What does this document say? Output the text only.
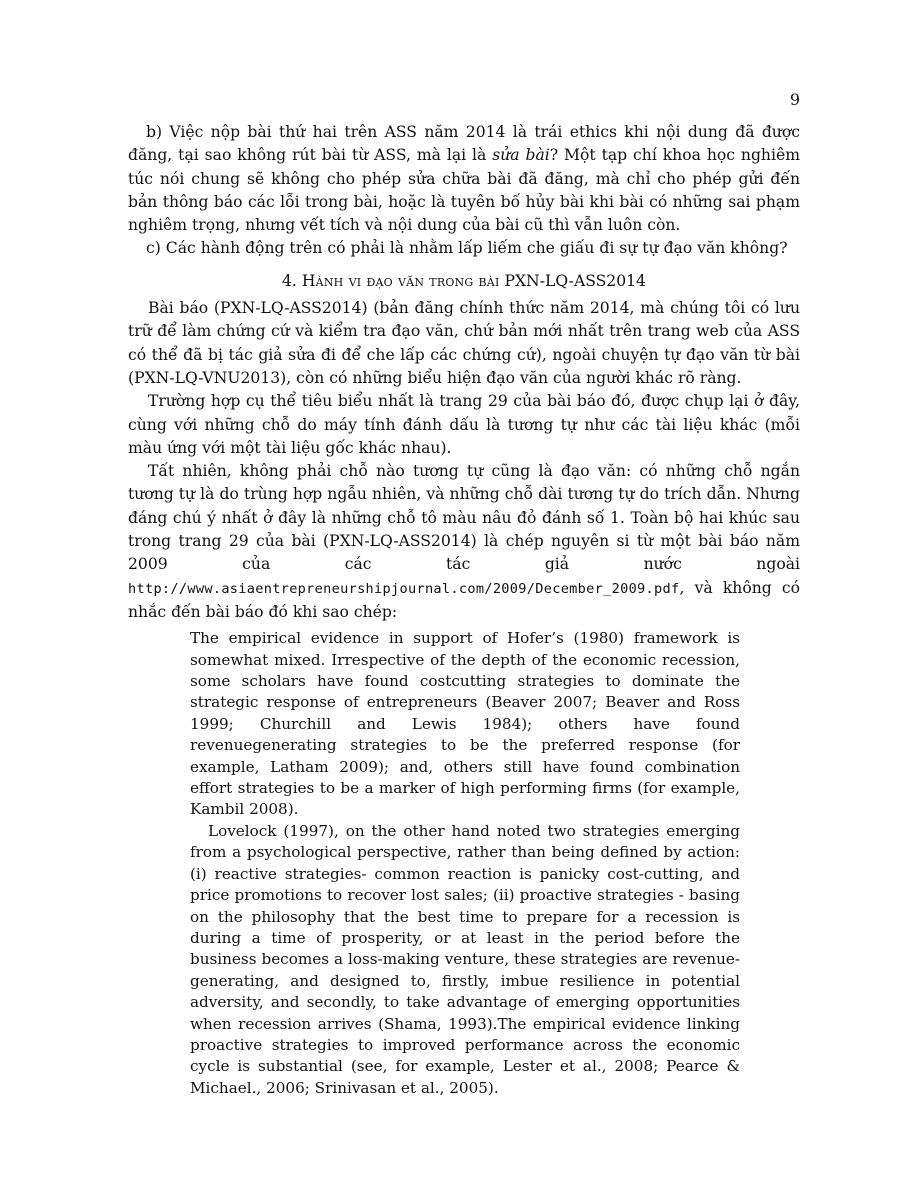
9

b) Việc nộp bài thứ hai trên ASS năm 2014 là trái ethics khi nội dung đã được đăng, tại sao không rút bài từ ASS, mà lại là sửa bài? Một tạp chí khoa học nghiêm túc nói chung sẽ không cho phép sửa chữa bài đã đăng, mà chỉ cho phép gửi đến bản thông báo các lỗi trong bài, hoặc là tuyên bố hủy bài khi bài có những sai phạm nghiêm trọng, nhưng vết tích và nội dung của bài cũ thì vẫn luôn còn.

c) Các hành động trên có phải là nhằm lấp liếm che giấu đi sự tự đạo văn không?

4. Hành vi đạo văn trong bài PXN-LQ-ASS2014

Bài báo (PXN-LQ-ASS2014) (bản đăng chính thức năm 2014, mà chúng tôi có lưu trữ để làm chứng cứ và kiểm tra đạo văn, chứ bản mới nhất trên trang web của ASS có thể đã bị tác giả sửa đi để che lấp các chứng cứ), ngoài chuyện tự đạo văn từ bài (PXN-LQ-VNU2013), còn có những biểu hiện đạo văn của người khác rõ ràng.

Trường hợp cụ thể tiêu biểu nhất là trang 29 của bài báo đó, được chụp lại ở đây, cùng với những chỗ do máy tính đánh dấu là tương tự như các tài liệu khác (mỗi màu ứng với một tài liệu gốc khác nhau).

Tất nhiên, không phải chỗ nào tương tự cũng là đạo văn: có những chỗ ngắn tương tự là do trùng hợp ngẫu nhiên, và những chỗ dài tương tự do trích dẫn. Nhưng đáng chú ý nhất ở đây là những chỗ tô màu nâu đỏ đánh số 1. Toàn bộ hai khúc sau trong trang 29 của bài (PXN-LQ-ASS2014) là chép nguyên si từ một bài báo năm 2009 của các tác giả nước ngoài http://www.asiaentrepreneurshipjournal.com/2009/December_2009.pdf, và không có nhắc đến bài báo đó khi sao chép:

The empirical evidence in support of Hofer’s (1980) framework is somewhat mixed. Irrespective of the depth of the economic recession, some scholars have found costcutting strategies to dominate the strategic response of entrepreneurs (Beaver 2007; Beaver and Ross 1999; Churchill and Lewis 1984); others have found revenuegenerating strategies to be the preferred response (for example, Latham 2009); and, others still have found combination effort strategies to be a marker of high performing firms (for example, Kambil 2008).

Lovelock (1997), on the other hand noted two strategies emerging from a psychological perspective, rather than being defined by action: (i) reactive strategies- common reaction is panicky cost-cutting, and price promotions to recover lost sales; (ii) proactive strategies - basing on the philosophy that the best time to prepare for a recession is during a time of prosperity, or at least in the period before the business becomes a loss-making venture, these strategies are revenue-generating, and designed to, firstly, imbue resilience in potential adversity, and secondly, to take advantage of emerging opportunities when recession arrives (Shama, 1993).The empirical evidence linking proactive strategies to improved performance across the economic cycle is substantial (see, for example, Lester et al., 2008; Pearce & Michael., 2006; Srinivasan et al., 2005).
